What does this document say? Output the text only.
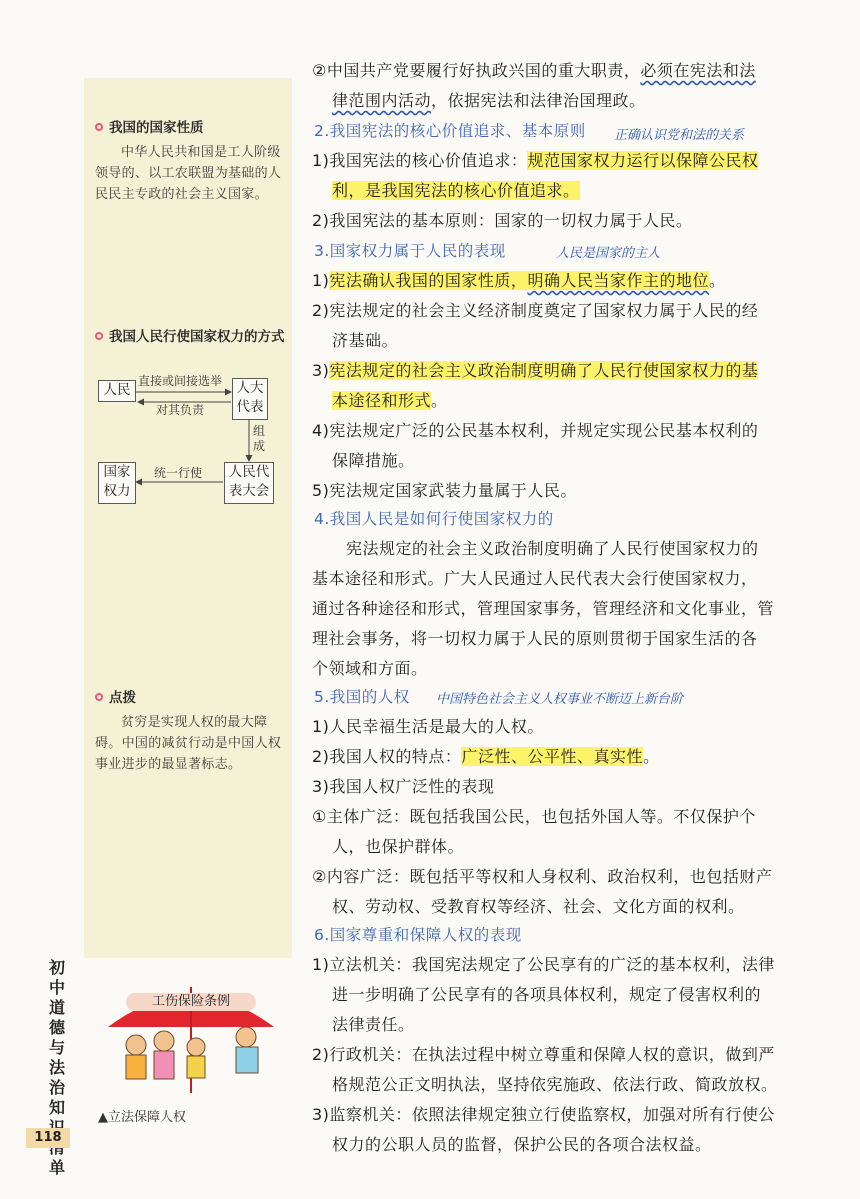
我国的国家性质
中华人民共和国是工人阶级领导的、以工农联盟为基础的人民民主专政的社会主义国家。
我国人民行使国家权力的方式
人民	人大代表
人民代表大会
国家权力
直接或间接选举
对其负责
组成
统一行使
点拨
贫穷是实现人权的最大障碍。中国的减贫行动是中国人权事业进步的最显著标志。
工伤保险条例
▲立法保障人权
初中道德与法治知 单
118
②中国共产党要履行好执政兴国的重大职责，必须在宪法和法
律范围内活动，依据宪法和法律治国理政。
2.我国宪法的核心价值追求、基本原则 正确认识党和法的关系
1)我国宪法的核心价值追求：规范国家权力运行以保障公民权
利，是我国宪法的核心价值追求。
2)我国宪法的基本原则：国家的一切权力属于人民。
3.国家权力属于人民的表现	人民是国家的主人
1)宪法确认我国的国家性质，明确人民当家作主的地位。
2)宪法规定的社会主义经济制度奠定了国家权力属于人民的经
济基础。
3)宪法规定的社会主义政治制度明确了人民行使国家权力的基
本途径和形式。
4)宪法规定广泛的公民基本权利，并规定实现公民基本权利的
保障措施。
5)宪法规定国家武装力量属于人民。
4.我国人民是如何行使国家权力的
宪法规定的社会主义政治制度明确了人民行使国家权力的
基本途径和形式。广大人民通过人民代表大会行使国家权力，
通过各种途径和形式，管理国家事务，管理经济和文化事业，管
理社会事务，将一切权力属于人民的原则贯彻于国家生活的各
个领域和方面。
5.我国的人权 中国特色社会主义人权事业不断迈上新台阶
1)人民幸福生活是最大的人权。
2)我国人权的特点：广泛性、公平性、真实性。
3)我国人权广泛性的表现
①主体广泛：既包括我国公民，也包括外国人等。不仅保护个
人，也保护群体。
②内容广泛：既包括平等权和人身权利、政治权利，也包括财产
权、劳动权、受教育权等经济、社会、文化方面的权利。
6.国家尊重和保障人权的表现
1)立法机关：我国宪法规定了公民享有的广泛的基本权利，法律
进一步明确了公民享有的各项具体权利，规定了侵害权利的
法律责任。
2)行政机关：在执法过程中树立尊重和保障人权的意识，做到严
格规范公正文明执法，坚持依宪施政、依法行政、简政放权。
3)监察机关：依照法律规定独立行使监察权，加强对所有行使公
权力的公职人员的监督，保护公民的各项合法权益。
